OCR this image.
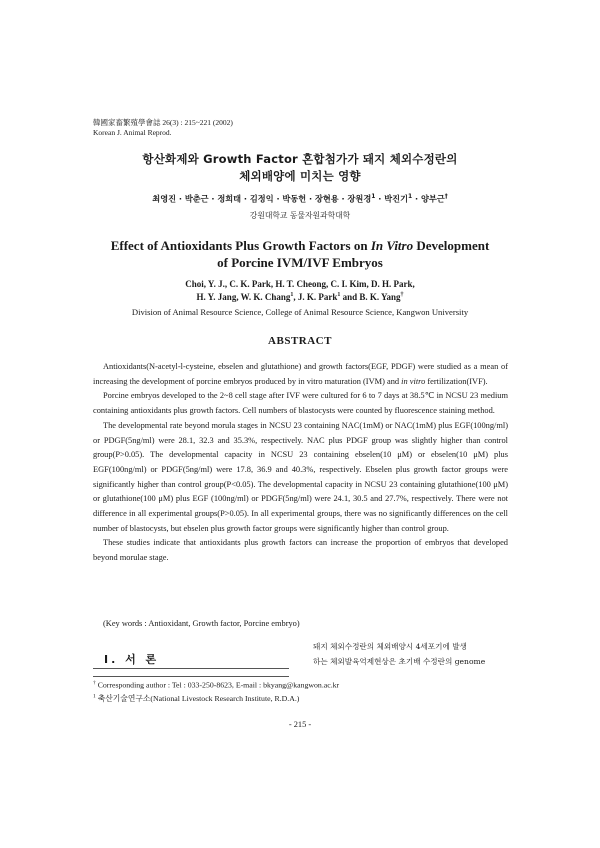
韓國家畜繁殖學會誌 26(3) : 215~221 (2002)
Korean J. Animal Reprod.
항산화제와 Growth Factor 혼합첨가가 돼지 체외수정란의
체외배양에 미치는 영향
최영진 · 박춘근 · 정희태 · 김정익 · 박동헌 · 장현용 · 장원경$^1$ · 박진기$^1$ · 양부근†
강원대학교 동물자원과학대학
Effect of Antioxidants Plus Growth Factors on In Vitro Development
of Porcine IVM/IVF Embryos
Choi, Y. J., C. K. Park, H. T. Cheong, C. I. Kim, D. H. Park,
H. Y. Jang, W. K. Chang$^1$, J. K. Park$^1$ and B. K. Yang†
Division of Animal Resource Science, College of Animal Resource Science, Kangwon University
ABSTRACT

Antioxidants(N-acetyl-l-cysteine, ebselen and glutathione) and growth factors(EGF, PDGF) were studied as a mean of increasing the development of porcine embryos produced by in vitro maturation (IVM) and in vitro fertilization(IVF).

Porcine embryos developed to the 2~8 cell stage after IVF were cultured for 6 to 7 days at 38.5℃ in NCSU 23 medium containing antioxidants plus growth factors. Cell numbers of blastocysts were counted by fluorescence staining method.

The developmental rate beyond morula stages in NCSU 23 containing NAC(1mM) or NAC(1mM) plus EGF(100ng/ml) or PDGF(5ng/ml) were 28.1, 32.3 and 35.3%, respectively. NAC plus PDGF group was slightly higher than control group(P>0.05). The developmental capacity in NCSU 23 containing ebselen(10 μM) or ebselen(10 μM) plus EGF(100ng/ml) or PDGF(5ng/ml) were 17.8, 36.9 and 40.3%, respectively. Ebselen plus growth factor groups were significantly higher than control group(P<0.05). The developmental capacity in NCSU 23 containing glutathione(100 μM) or glutathione(100 μM) plus EGF (100ng/ml) or PDGF(5ng/ml) were 24.1, 30.5 and 27.7%, respectively. There were not difference in all experimental groups(P>0.05). In all experimental groups, there was no significantly differences on the cell number of blastocysts, but ebselen plus growth factor groups were significantly higher than control group.

These studies indicate that antioxidants plus growth factors can increase the proportion of embryos that developed beyond morulae stage.

(Key words : Antioxidant, Growth factor, Porcine embryo)
Ⅰ. 서 론
돼지 체외수정란의 체외배양시 4세포기에 발생
하는 체외발육억제현상은 초기배 수정란의 genome
† Corresponding author : Tel : 033-250-8623, E-mail : bkyang@kangwon.ac.kr
$^1$ 축산기술연구소(National Livestock Research Institute, R.D.A.)
- 215 -
